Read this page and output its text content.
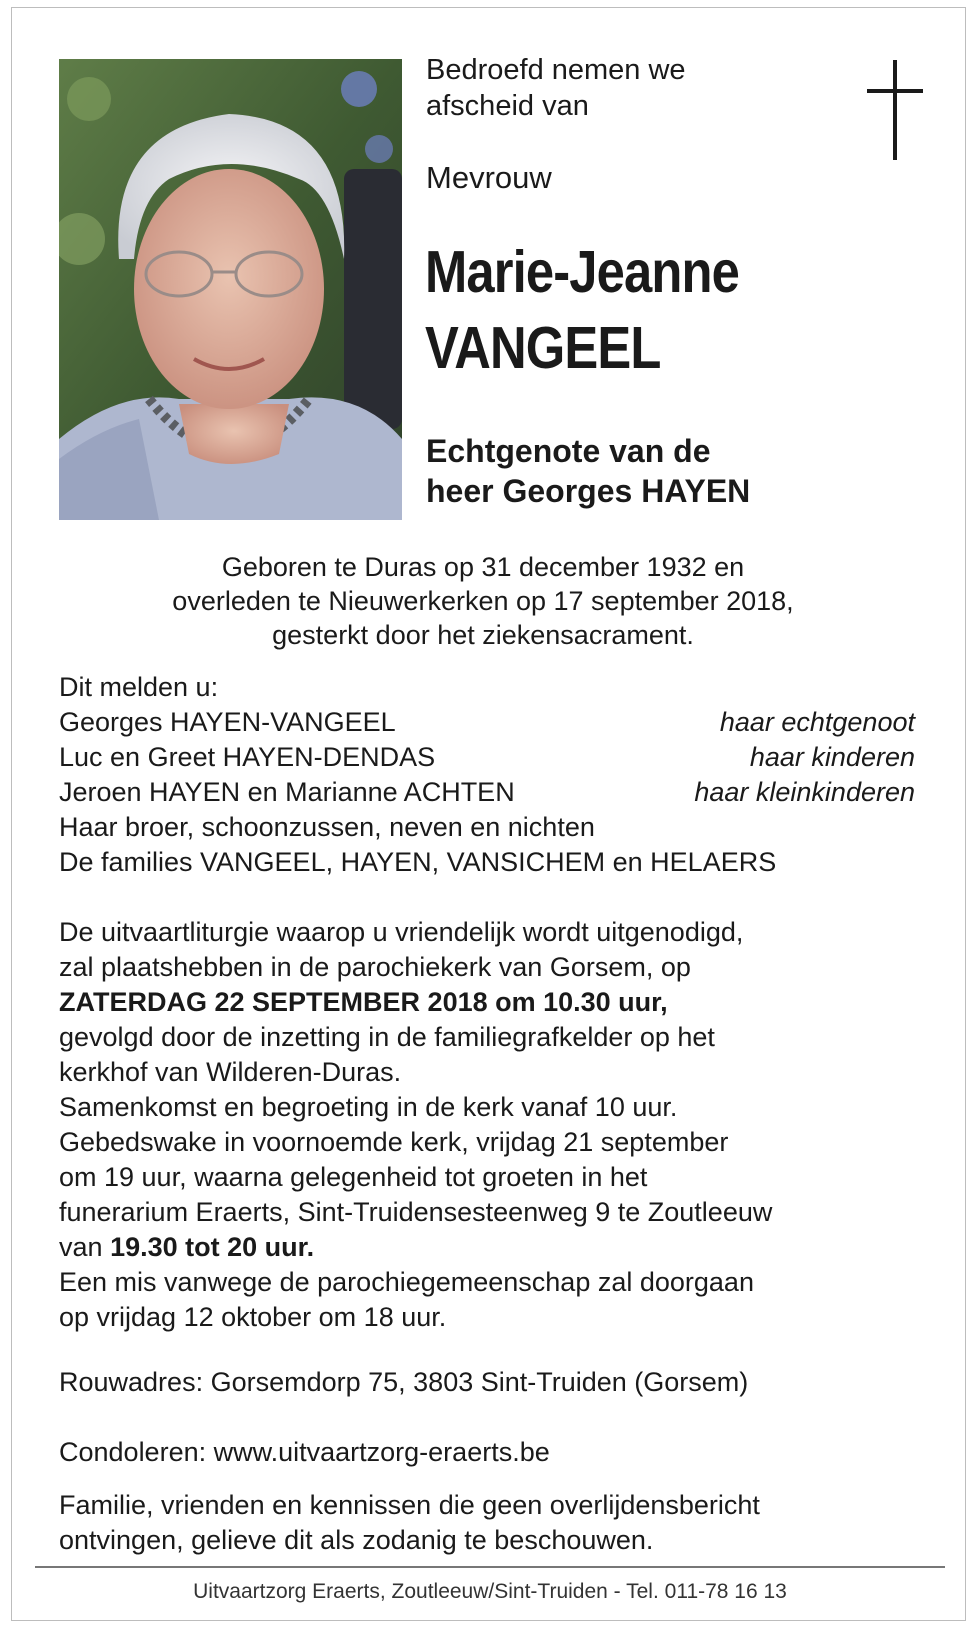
Bedroefd nemen we
afscheid van
Mevrouw
Marie-Jeanne
VANGEEL
Echtgenote van de
heer Georges HAYEN
Geboren te Duras op 31 december 1932 en
overleden te Nieuwerkerken op 17 september 2018,
gesterkt door het ziekensacrament.
Dit melden u:
Georges HAYEN-VANGEEL	haar echtgenoot
Luc en Greet HAYEN-DENDAS	haar kinderen
Jeroen HAYEN en Marianne ACHTEN	haar kleinkinderen
Haar broer, schoonzussen, neven en nichten
De families VANGEEL, HAYEN, VANSICHEM en HELAERS
De uitvaartliturgie waarop u vriendelijk wordt uitgenodigd,
zal plaatshebben in de parochiekerk van Gorsem, op
ZATERDAG 22 SEPTEMBER 2018 om 10.30 uur,
gevolgd door de inzetting in de familiegrafkelder op het
kerkhof van Wilderen-Duras.
Samenkomst en begroeting in de kerk vanaf 10 uur.
Gebedswake in voornoemde kerk, vrijdag 21 september
om 19 uur, waarna gelegenheid tot groeten in het
funerarium Eraerts, Sint-Truidensesteenweg 9 te Zoutleeuw
van 19.30 tot 20 uur.
Een mis vanwege de parochiegemeenschap zal doorgaan
op vrijdag 12 oktober om 18 uur.
Rouwadres: Gorsemdorp 75, 3803 Sint-Truiden (Gorsem)
Condoleren: www.uitvaartzorg-eraerts.be
Familie, vrienden en kennissen die geen overlijdensbericht
ontvingen, gelieve dit als zodanig te beschouwen.
Uitvaartzorg Eraerts, Zoutleeuw/Sint-Truiden - Tel. 011-78 16 13
